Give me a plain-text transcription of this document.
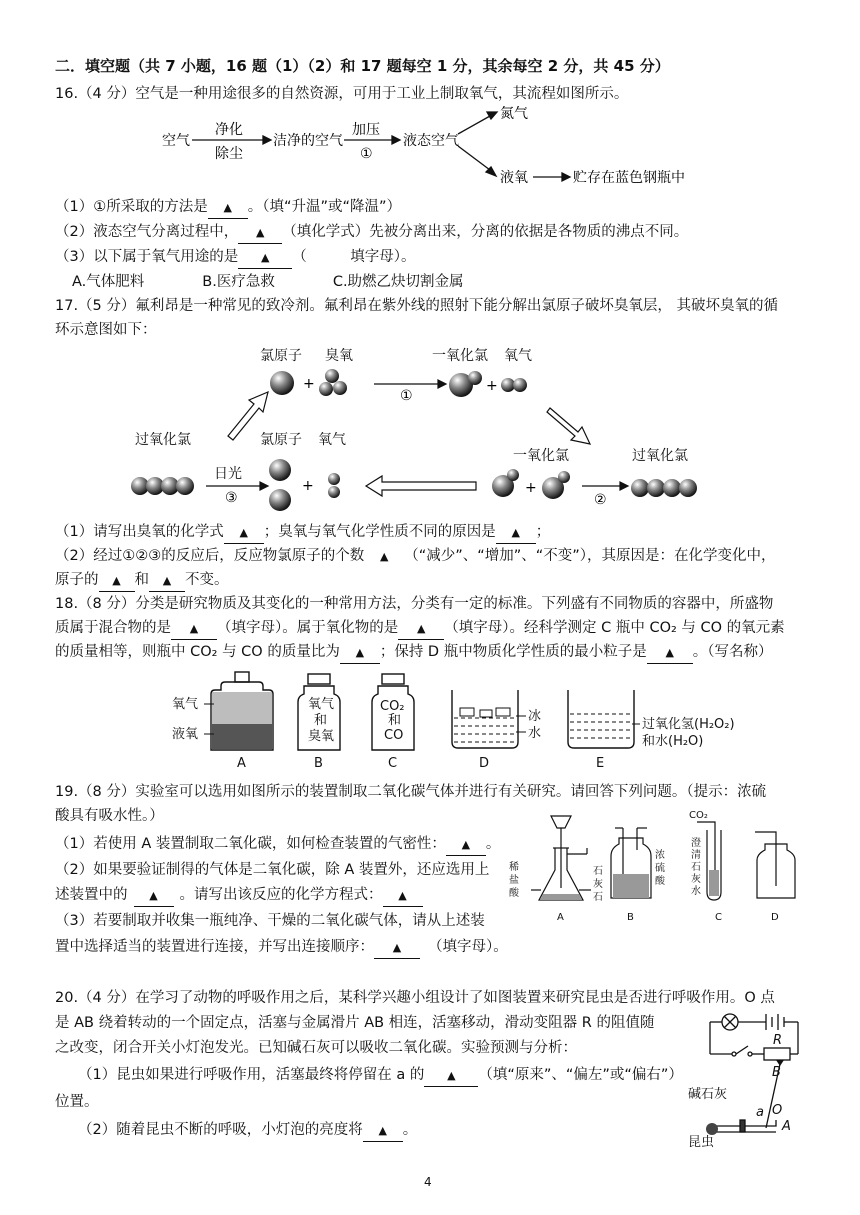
二．填空题（共 7 小题，16 题（1）（2）和 17 题每空 1 分，其余每空 2 分，共 45 分）
16.（4 分）空气是一种用途很多的自然资源，可用于工业上制取氧气，其流程如图所示。
空气
净化
除尘
洁净的空气
加压
①
液态空气
氮气
液氧	贮存在蓝色钢瓶中
（1）①所采取的方法是 ▲ 。（填“升温”或“降温”）
（2）液态空气分离过程中， ▲ （填化学式）先被分离出来，分离的依据是各物质的沸点不同。
（3）以下属于氧气用途的是 ▲ （　　　填字母）。
A.气体肥料　　　　B.医疗急救　　　　C.助燃乙炔切割金属
17.（5 分）氟利昂是一种常见的致冷剂。氟利昂在紫外线的照射下能分解出氯原子破坏臭氧层， 其破坏臭氧的循
环示意图如下：
氯原子 臭氧	一氧化氯 氧气
过氧化氯	氯原子 氧气
一氧化氯	过氧化氯
日光
+
①
+
③
+	+
②
（1）请写出臭氧的化学式 ▲ ；臭氧与氧气化学性质不同的原因是 ▲ ；
（2）经过①②③的反应后，反应物氯原子的个数 ▲ （“减少”、“增加”、“不变”），其原因是：在化学变化中，
原子的 ▲ 和 ▲ 不变。
18.（8 分）分类是研究物质及其变化的一种常用方法，分类有一定的标准。下列盛有不同物质的容器中，所盛物
质属于混合物的是 ▲ （填字母）。属于氧化物的是 ▲ （填字母）。经科学测定 C 瓶中 CO₂ 与 CO 的氧元素
的质量相等，则瓶中 CO₂ 与 CO 的质量比为 ▲ ；保持 D 瓶中物质化学性质的最小粒子是 ▲ 。（写名称）
氧气
液氧
氧气
和
臭氧
CO₂
和
CO
冰
水
过氧化氢(H₂O₂)
和水(H₂O)
A	B	C	D	E
19.（8 分）实验室可以选用如图所示的装置制取二氧化碳气体并进行有关研究。请回答下列问题。（提示：浓硫
酸具有吸水性。）
（1）若使用 A 装置制取二氧化碳，如何检查装置的气密性： ▲ 。
（2）如果要验证制得的气体是二氧化碳，除 A 装置外，还应选用上
述装置中的 ▲ 。请写出该反应的化学方程式： ▲
（3）若要制取并收集一瓶纯净、干燥的二氧化碳气体，请从上述装
置中选择适当的装置进行连接，并写出连接顺序： ▲ （填字母）。
稀
盐
酸
石
灰
石
浓
硫
酸
CO₂
澄
清
石
灰
水
A	B	C	D
20.（4 分）在学习了动物的呼吸作用之后，某科学兴趣小组设计了如图装置来研究昆虫是否进行呼吸作用。O 点
是 AB 绕着转动的一个固定点，活塞与金属滑片 AB 相连，活塞移动，滑动变阻器 R 的阻值随
之改变，闭合开关小灯泡发光。已知碱石灰可以吸收二氧化碳。实验预测与分析：
（1）昆虫如果进行呼吸作用，活塞最终将停留在 a 的 ▲ （填“原来”、“偏左”或“偏右”）
位置。
（2）随着昆虫不断的呼吸，小灯泡的亮度将 ▲ 。
R
B
O
a
A
碱石灰
昆虫
4
